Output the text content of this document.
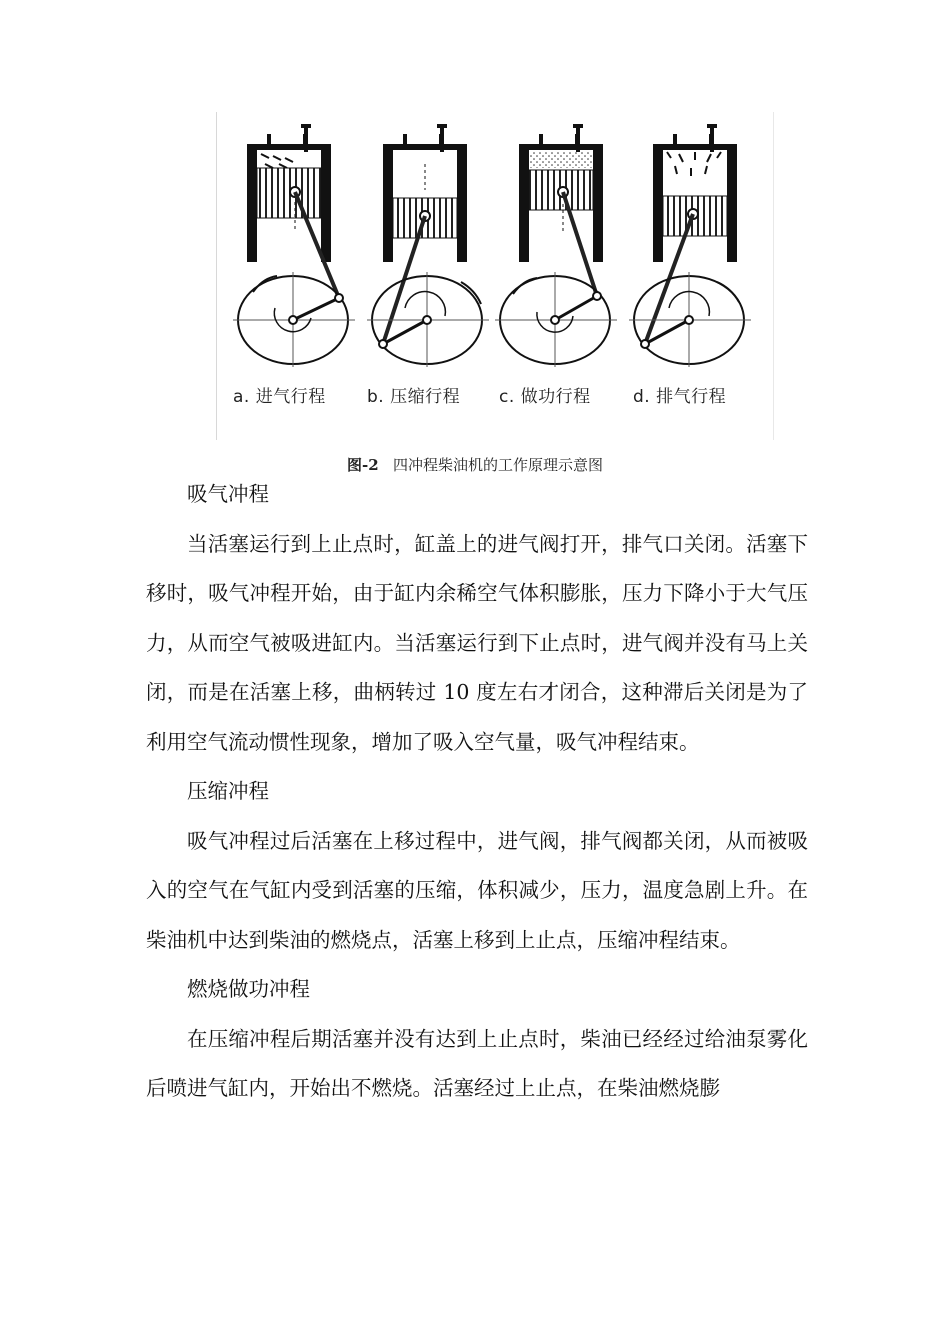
a. 进气行程 b. 压缩行程 c. 做功行程 d. 排气行程
图-2 四冲程柴油机的工作原理示意图

吸气冲程

当活塞运行到上止点时，缸盖上的进气阀打开，排气口关闭。活塞下移时，吸气冲程开始，由于缸内余稀空气体积膨胀，压力下降小于大气压力，从而空气被吸进缸内。当活塞运行到下止点时，进气阀并没有马上关闭，而是在活塞上移，曲柄转过 10 度左右才闭合，这种滞后关闭是为了利用空气流动惯性现象，增加了吸入空气量，吸气冲程结束。

压缩冲程

吸气冲程过后活塞在上移过程中，进气阀，排气阀都关闭，从而被吸入的空气在气缸内受到活塞的压缩，体积减少，压力，温度急剧上升。在柴油机中达到柴油的燃烧点，活塞上移到上止点，压缩冲程结束。

燃烧做功冲程

在压缩冲程后期活塞并没有达到上止点时，柴油已经经过给油泵雾化后喷进气缸内，开始出不燃烧。活塞经过上止点，在柴油燃烧膨
